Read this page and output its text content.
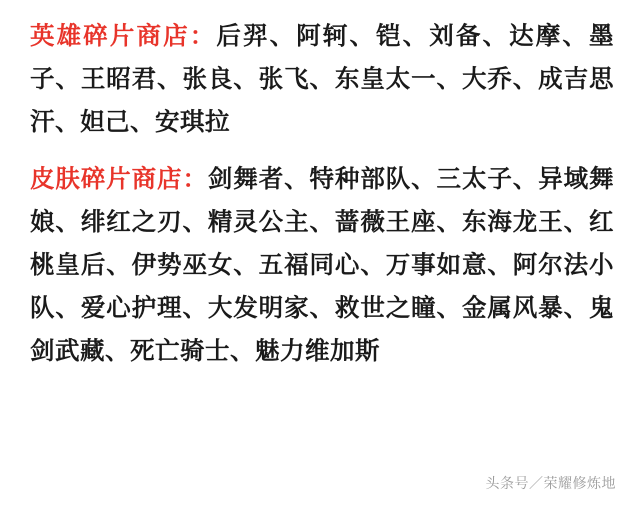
英雄碎片商店：后羿、阿轲、铠、刘备、达摩、墨子、王昭君、张良、张飞、东皇太一、大乔、成吉思汗、妲己、安琪拉

皮肤碎片商店：剑舞者、特种部队、三太子、异域舞娘、绯红之刃、精灵公主、蔷薇王座、东海龙王、红桃皇后、伊势巫女、五福同心、万事如意、阿尔法小队、爱心护理、大发明家、救世之瞳、金属风暴、鬼剑武藏、死亡骑士、魅力维加斯

头条号／荣耀修炼地
